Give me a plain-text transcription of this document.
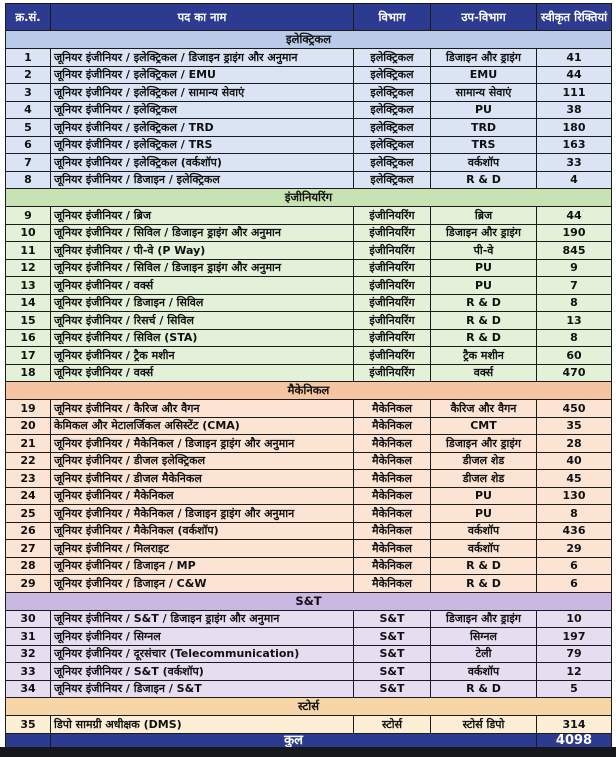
क्र.सं.	पद का नाम	विभाग	उप-विभाग	स्वीकृत रिक्तियां
इलेक्ट्रिकल				
1	जूनियर इंजीनियर / इलेक्ट्रिकल / डिजाइन ड्राइंग और अनुमान	इलेक्ट्रिकल	डिजाइन और ड्राइंग	41
2	जूनियर इंजीनियर / इलेक्ट्रिकल / EMU	इलेक्ट्रिकल	EMU	44
3	जूनियर इंजीनियर / इलेक्ट्रिकल / सामान्य सेवाएं	इलेक्ट्रिकल	सामान्य सेवाएं	111
4	जूनियर इंजीनियर / इलेक्ट्रिकल	इलेक्ट्रिकल	PU	38
5	जूनियर इंजीनियर / इलेक्ट्रिकल / TRD	इलेक्ट्रिकल	TRD	180
6	जूनियर इंजीनियर / इलेक्ट्रिकल / TRS	इलेक्ट्रिकल	TRS	163
7	जूनियर इंजीनियर / इलेक्ट्रिकल (वर्कशॉप)	इलेक्ट्रिकल	वर्कशॉप	33
8	जूनियर इंजीनियर / डिजाइन / इलेक्ट्रिकल	इलेक्ट्रिकल	R & D	4
इंजीनियरिंग				
9	जूनियर इंजीनियर / ब्रिज	इंजीनियरिंग	ब्रिज	44
10	जूनियर इंजीनियर / सिविल / डिजाइन ड्राइंग और अनुमान	इंजीनियरिंग	डिजाइन और ड्राइंग	190
11	जूनियर इंजीनियर / पी-वे (P Way)	इंजीनियरिंग	पी-वे	845
12	जूनियर इंजीनियर / सिविल / डिजाइन ड्राइंग और अनुमान	इंजीनियरिंग	PU	9
13	जूनियर इंजीनियर / वर्क्स	इंजीनियरिंग	PU	7
14	जूनियर इंजीनियर / डिजाइन / सिविल	इंजीनियरिंग	R & D	8
15	जूनियर इंजीनियर / रिसर्च / सिविल	इंजीनियरिंग	R & D	13
16	जूनियर इंजीनियर / सिविल (STA)	इंजीनियरिंग	R & D	8
17	जूनियर इंजीनियर / ट्रैक मशीन	इंजीनियरिंग	ट्रैक मशीन	60
18	जूनियर इंजीनियर / वर्क्स	इंजीनियरिंग	वर्क्स	470
मैकेनिकल				
19	जूनियर इंजीनियर / कैरिज और वैगन	मैकेनिकल	कैरिज और वैगन	450
20	केमिकल और मेटालर्जिकल असिस्टेंट (CMA)	मैकेनिकल	CMT	35
21	जूनियर इंजीनियर / मैकेनिकल / डिजाइन ड्राइंग और अनुमान	मैकेनिकल	डिजाइन और ड्राइंग	28
22	जूनियर इंजीनियर / डीजल इलेक्ट्रिकल	मैकेनिकल	डीजल शेड	40
23	जूनियर इंजीनियर / डीजल मैकेनिकल	मैकेनिकल	डीजल शेड	45
24	जूनियर इंजीनियर / मैकेनिकल	मैकेनिकल	PU	130
25	जूनियर इंजीनियर / मैकेनिकल / डिजाइन ड्राइंग और अनुमान	मैकेनिकल	PU	8
26	जूनियर इंजीनियर / मैकेनिकल (वर्कशॉप)	मैकेनिकल	वर्कशॉप	436
27	जूनियर इंजीनियर / मिलराइट	मैकेनिकल	वर्कशॉप	29
28	जूनियर इंजीनियर / डिजाइन / MP	मैकेनिकल	R & D	6
29	जूनियर इंजीनियर / डिजाइन / C&W	मैकेनिकल	R & D	6
S&T				
30	जूनियर इंजीनियर / S&T / डिजाइन ड्राइंग और अनुमान	S&T	डिजाइन और ड्राइंग	10
31	जूनियर इंजीनियर / सिग्नल	S&T	सिग्नल	197
32	जूनियर इंजीनियर / दूरसंचार (Telecommunication)	S&T	टेली	79
33	जूनियर इंजीनियर / S&T (वर्कशॉप)	S&T	वर्कशॉप	12
34	जूनियर इंजीनियर / डिजाइन / S&T	S&T	R & D	5
स्टोर्स				
35	डिपो सामग्री अधीक्षक (DMS)	स्टोर्स	स्टोर्स डिपो	314
	कुल			4098
